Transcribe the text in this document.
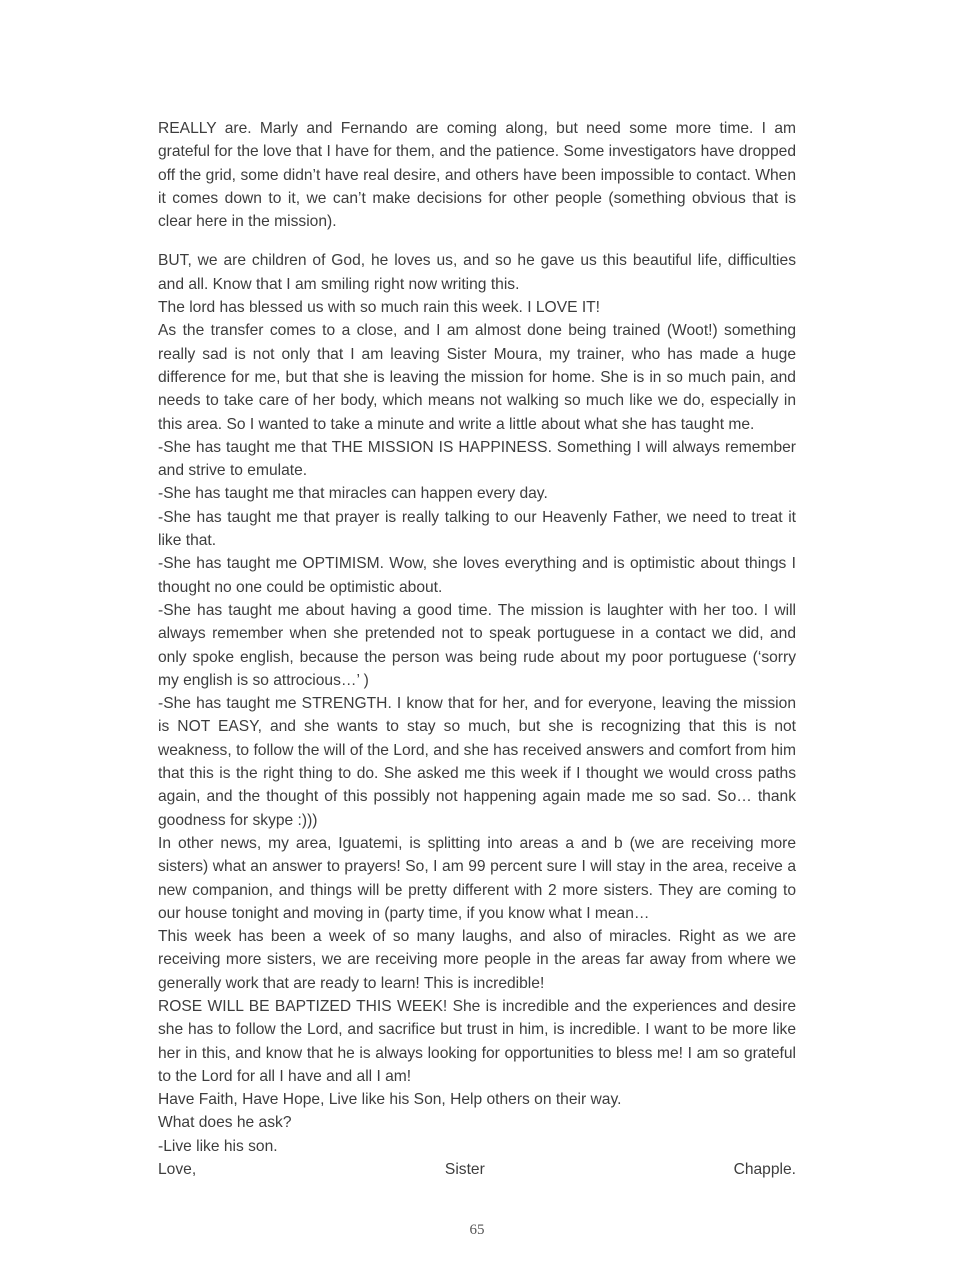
REALLY are. Marly and Fernando are coming along, but need some more time. I am grateful for the love that I have for them, and the patience. Some investigators have dropped off the grid, some didn’t have real desire, and others have been impossible to contact. When it comes down to it, we can’t make decisions for other people (something obvious that is clear here in the mission).

BUT, we are children of God, he loves us, and so he gave us this beautiful life, difficulties and all. Know that I am smiling right now writing this.

The lord has blessed us with so much rain this week. I LOVE IT!

As the transfer comes to a close, and I am almost done being trained (Woot!) something really sad is not only that I am leaving Sister Moura, my trainer, who has made a huge difference for me, but that she is leaving the mission for home. She is in so much pain, and needs to take care of her body, which means not walking so much like we do, especially in this area. So I wanted to take a minute and write a little about what she has taught me.

-She has taught me that THE MISSION IS HAPPINESS. Something I will always remember and strive to emulate.

-She has taught me that miracles can happen every day.

-She has taught me that prayer is really talking to our Heavenly Father, we need to treat it like that.

-She has taught me OPTIMISM. Wow, she loves everything and is optimistic about things I thought no one could be optimistic about.

-She has taught me about having a good time. The mission is laughter with her too. I will always remember when she pretended not to speak portuguese in a contact we did, and only spoke english, because the person was being rude about my poor portuguese (‘sorry my english is so attrocious…’ )

-She has taught me STRENGTH. I know that for her, and for everyone, leaving the mission is NOT EASY, and she wants to stay so much, but she is recognizing that this is not weakness, to follow the will of the Lord, and she has received answers and comfort from him that this is the right thing to do. She asked me this week if I thought we would cross paths again, and the thought of this possibly not happening again made me so sad. So… thank goodness for skype :)))

In other news, my area, Iguatemi, is splitting into areas a and b (we are receiving more sisters) what an answer to prayers! So, I am 99 percent sure I will stay in the area, receive a new companion, and things will be pretty different with 2 more sisters. They are coming to our house tonight and moving in (party time, if you know what I mean…

This week has been a week of so many laughs, and also of miracles. Right as we are receiving more sisters, we are receiving more people in the areas far away from where we generally work that are ready to learn! This is incredible!

ROSE WILL BE BAPTIZED THIS WEEK! She is incredible and the experiences and desire she has to follow the Lord, and sacrifice but trust in him, is incredible. I want to be more like her in this, and know that he is always looking for opportunities to bless me! I am so grateful to the Lord for all I have and all I am!

Have Faith, Have Hope, Live like his Son, Help others on their way.

What does he ask?

-Live like his son.

Love,	Sister	Chapple.
65
